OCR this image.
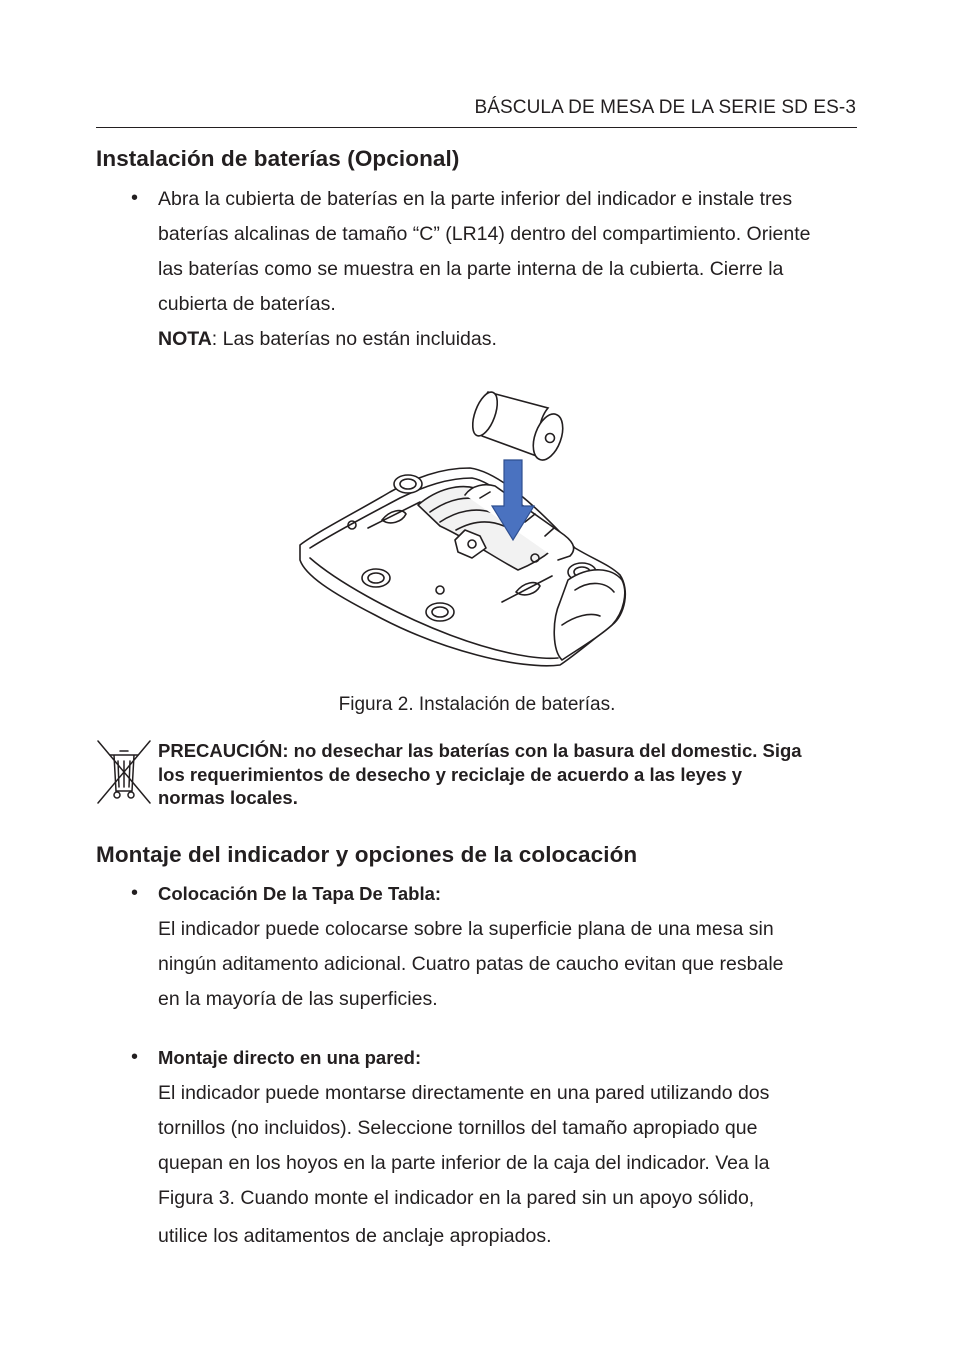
BÁSCULA DE MESA DE LA SERIE SD ES-3
Instalación de baterías (Opcional)
• Abra la cubierta de baterías en la parte inferior del indicador e instale tres
baterías alcalinas de tamaño “C” (LR14) dentro del compartimiento. Oriente
las baterías como se muestra en la parte interna de la cubierta. Cierre la
cubierta de baterías.
NOTA: Las baterías no están incluidas.
Figura 2. Instalación de baterías.
PRECAUCIÓN: no desechar las baterías con la basura del domestic. Siga
los requerimientos de desecho y reciclaje de acuerdo a las leyes y
normas locales.
Montaje del indicador y opciones de la colocación
• Colocación De la Tapa De Tabla:
El indicador puede colocarse sobre la superficie plana de una mesa sin
ningún aditamento adicional. Cuatro patas de caucho evitan que resbale
en la mayoría de las superficies.
• Montaje directo en una pared:
El indicador puede montarse directamente en una pared utilizando dos
tornillos (no incluidos). Seleccione tornillos del tamaño apropiado que
quepan en los hoyos en la parte inferior de la caja del indicador. Vea la
Figura 3. Cuando monte el indicador en la pared sin un apoyo sólido,
utilice los aditamentos de anclaje apropiados.
